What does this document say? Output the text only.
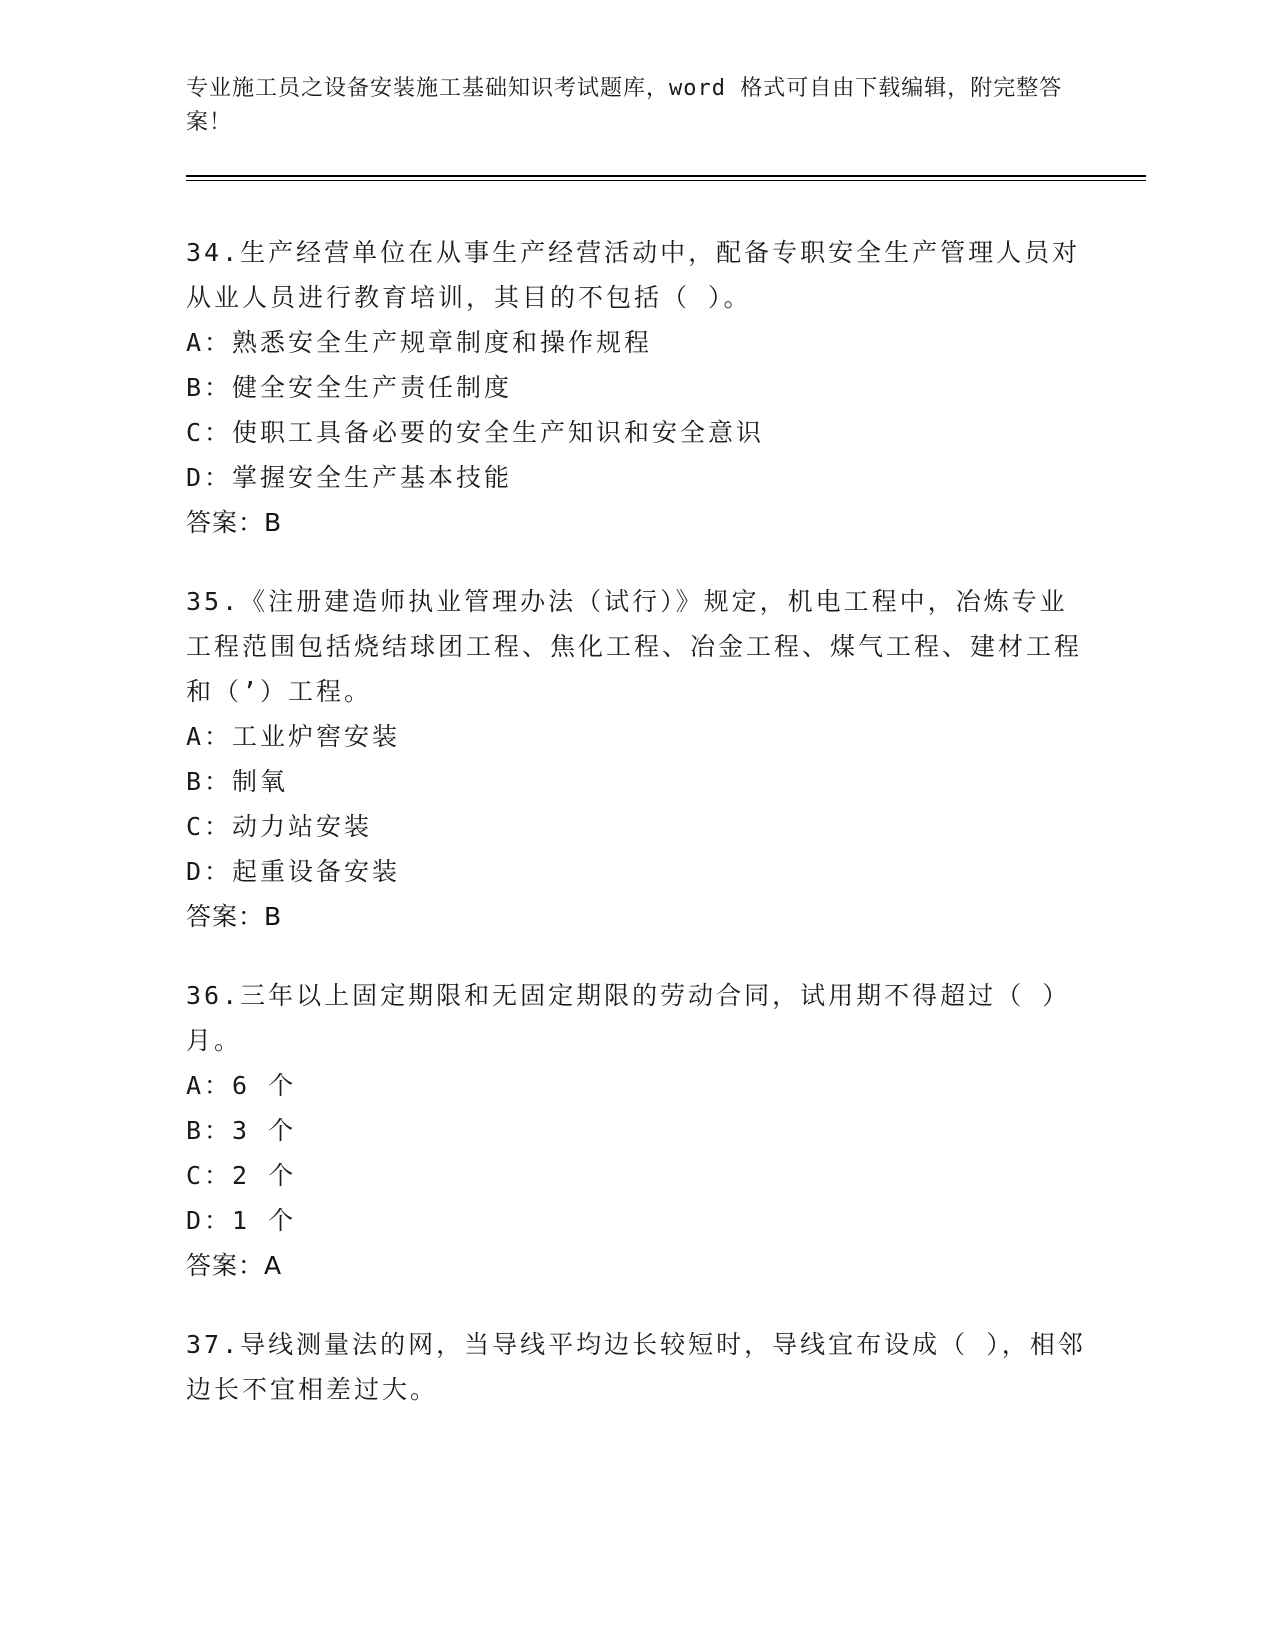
专业施工员之设备安装施工基础知识考试题库，word 格式可自由下载编辑，附完整答案！
34.生产经营单位在从事生产经营活动中，配备专职安全生产管理人员对从业人员进行教育培训，其目的不包括（ ）。
A：熟悉安全生产规章制度和操作规程
B：健全安全生产责任制度
C：使职工具备必要的安全生产知识和安全意识
D：掌握安全生产基本技能
答案：B
35.《注册建造师执业管理办法（试行）》规定，机电工程中，冶炼专业工程范围包括烧结球团工程、焦化工程、冶金工程、煤气工程、建材工程和（’）工程。
A：工业炉窖安装
B：制氧
C：动力站安装
D：起重设备安装
答案：B
36.三年以上固定期限和无固定期限的劳动合同，试用期不得超过（ ）月。
A：6 个
B：3 个
C：2 个
D：1 个
答案：A
37.导线测量法的网，当导线平均边长较短时，导线宜布设成（ ），相邻边长不宜相差过大。
